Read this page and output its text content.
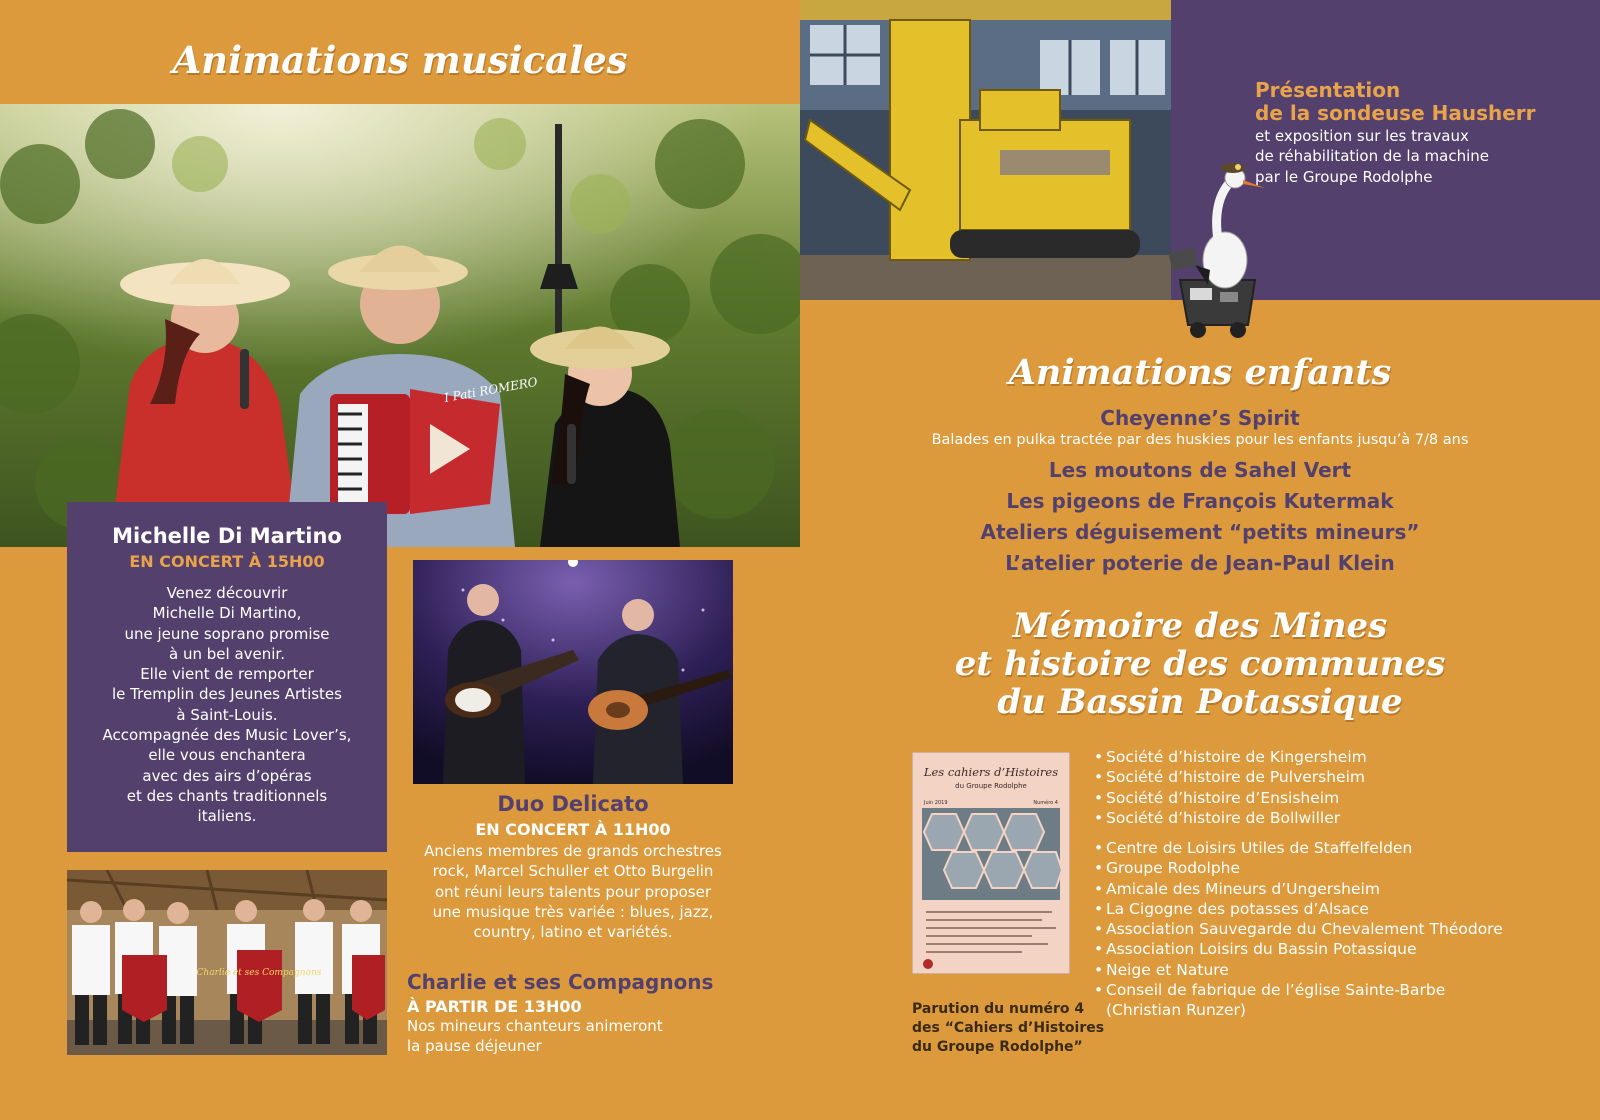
Animations musicales
I Pati ROMERO
Michelle Di Martino
EN CONCERT À 15H00
Venez découvrir
Michelle Di Martino,
une jeune soprano promise
à un bel avenir.
Elle vient de remporter
le Tremplin des Jeunes Artistes
à Saint-Louis.
Accompagnée des Music Lover’s,
elle vous enchantera
avec des airs d’opéras
et des chants traditionnels
italiens.
Duo Delicato
EN CONCERT À 11H00
Anciens membres de grands orchestres
rock, Marcel Schuller et Otto Burgelin
ont réuni leurs talents pour proposer
une musique très variée : blues, jazz,
country, latino et variétés.
Charlie et ses Compagnons	Charlie et ses Compagnons
À PARTIR DE 13H00
Nos mineurs chanteurs animeront
la pause déjeuner
Présentation
de la sondeuse Hausherr
et exposition sur les travaux
de réhabilitation de la machine
par le Groupe Rodolphe
Animations enfants
Cheyenne’s Spirit
Balades en pulka tractée par des huskies pour les enfants jusqu’à 7/8 ans
Les moutons de Sahel Vert
Les pigeons de François Kutermak
Ateliers déguisement “petits mineurs”
L’atelier poterie de Jean-Paul Klein
Mémoire des Mines
et histoire des communes
du Bassin Potassique
Les cahiers d’Histoires
du Groupe Rodolphe
Juin 2019	Numéro 4
Parution du numéro 4
des “Cahiers d’Histoires
du Groupe Rodolphe”
• Société d’histoire de Kingersheim
• Société d’histoire de Pulversheim
• Société d’histoire d’Ensisheim
• Société d’histoire de Bollwiller
• Centre de Loisirs Utiles de Staffelfelden
• Groupe Rodolphe
• Amicale des Mineurs d’Ungersheim
• La Cigogne des potasses d’Alsace
• Association Sauvegarde du Chevalement Théodore
• Association Loisirs du Bassin Potassique
• Neige et Nature
• Conseil de fabrique de l’église Sainte-Barbe
(Christian Runzer)
